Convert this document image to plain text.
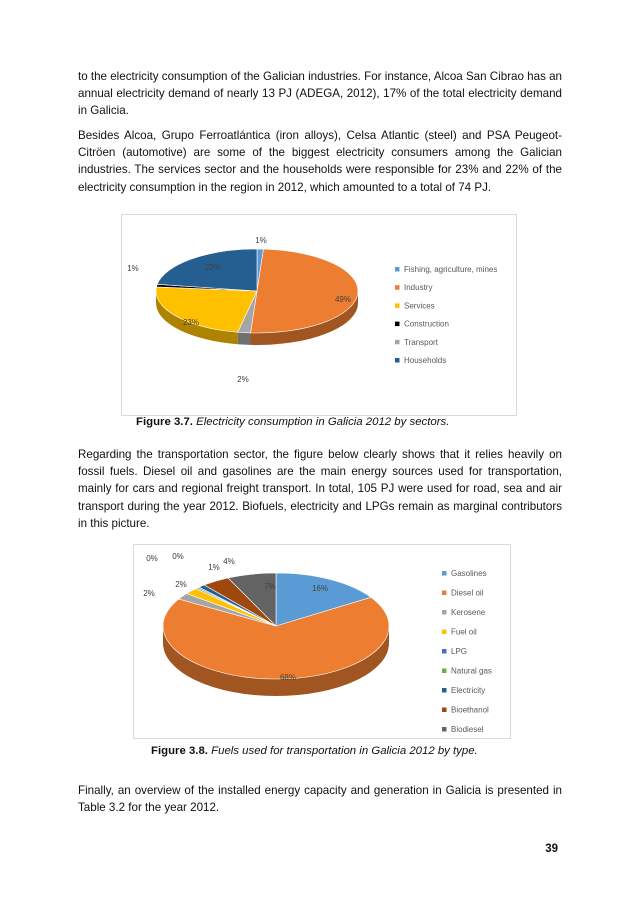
to the electricity consumption of the Galician industries. For instance, Alcoa San Cibrao has an annual electricity demand of nearly 13 PJ (ADEGA, 2012), 17% of the total electricity demand in Galicia.

Besides Alcoa, Grupo Ferroatlántica (iron alloys), Celsa Atlantic (steel) and PSA Peugeot-Citröen (automotive) are some of the biggest electricity consumers among the Galician industries. The services sector and the households were responsible for 23% and 22% of the electricity consumption in the region in 2012, which amounted to a total of 74 PJ.

1%
49%
2%
23%
1%	22%	Fishing, agriculture, mines
Industry
Services
Construction
Transport
Households
Figure 3.7. Electricity consumption in Galicia 2012 by sectors.

Regarding the transportation sector, the figure below clearly shows that it relies heavily on fossil fuels. Diesel oil and gasolines are the main energy sources used for transportation, mainly for cars and regional freight transport. In total, 105 PJ were used for road, sea and air transport during the year 2012. Biofuels, electricity and LPGs remain as marginal contributors in this picture.

16%
68%
2%
2%
0% 0%
1%
4%
7%
Gasolines
Diesel oil
Kerosene
Fuel oil
LPG
Natural gas
Electricity
Bioethanol
Biodiesel
Figure 3.8. Fuels used for transportation in Galicia 2012 by type.

Finally, an overview of the installed energy capacity and generation in Galicia is presented in Table 3.2 for the year 2012.

39
